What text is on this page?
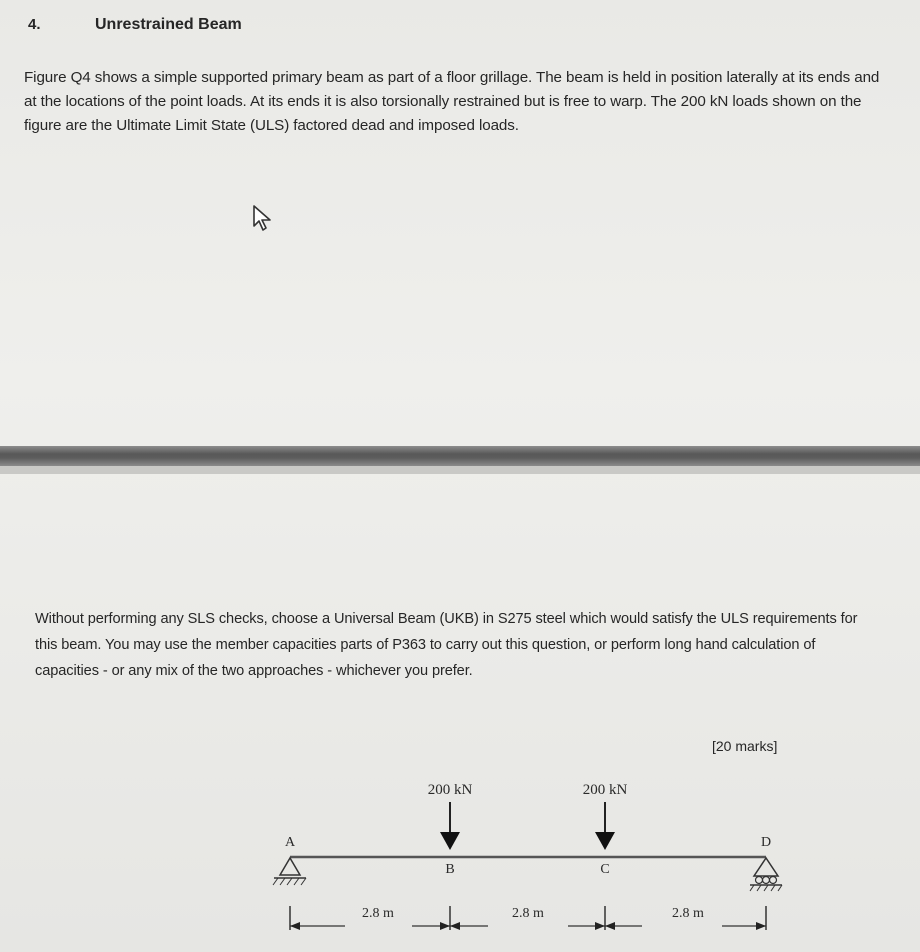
4.	Unrestrained Beam
Figure Q4 shows a simple supported primary beam as part of a floor grillage. The beam is held in position laterally at its ends and at the locations of the point loads. At its ends it is also torsionally restrained but is free to warp. The 200 kN loads shown on the figure are the Ultimate Limit State (ULS) factored dead and imposed loads.
Without performing any SLS checks, choose a Universal Beam (UKB) in S275 steel which would satisfy the ULS requirements for this beam. You may use the member capacities parts of P363 to carry out this question, or perform long hand calculation of capacities - or any mix of the two approaches - whichever you prefer.
[20 marks]
200 kN
B
200 kN
C
A	D
2.8 m	2.8 m	2.8 m
